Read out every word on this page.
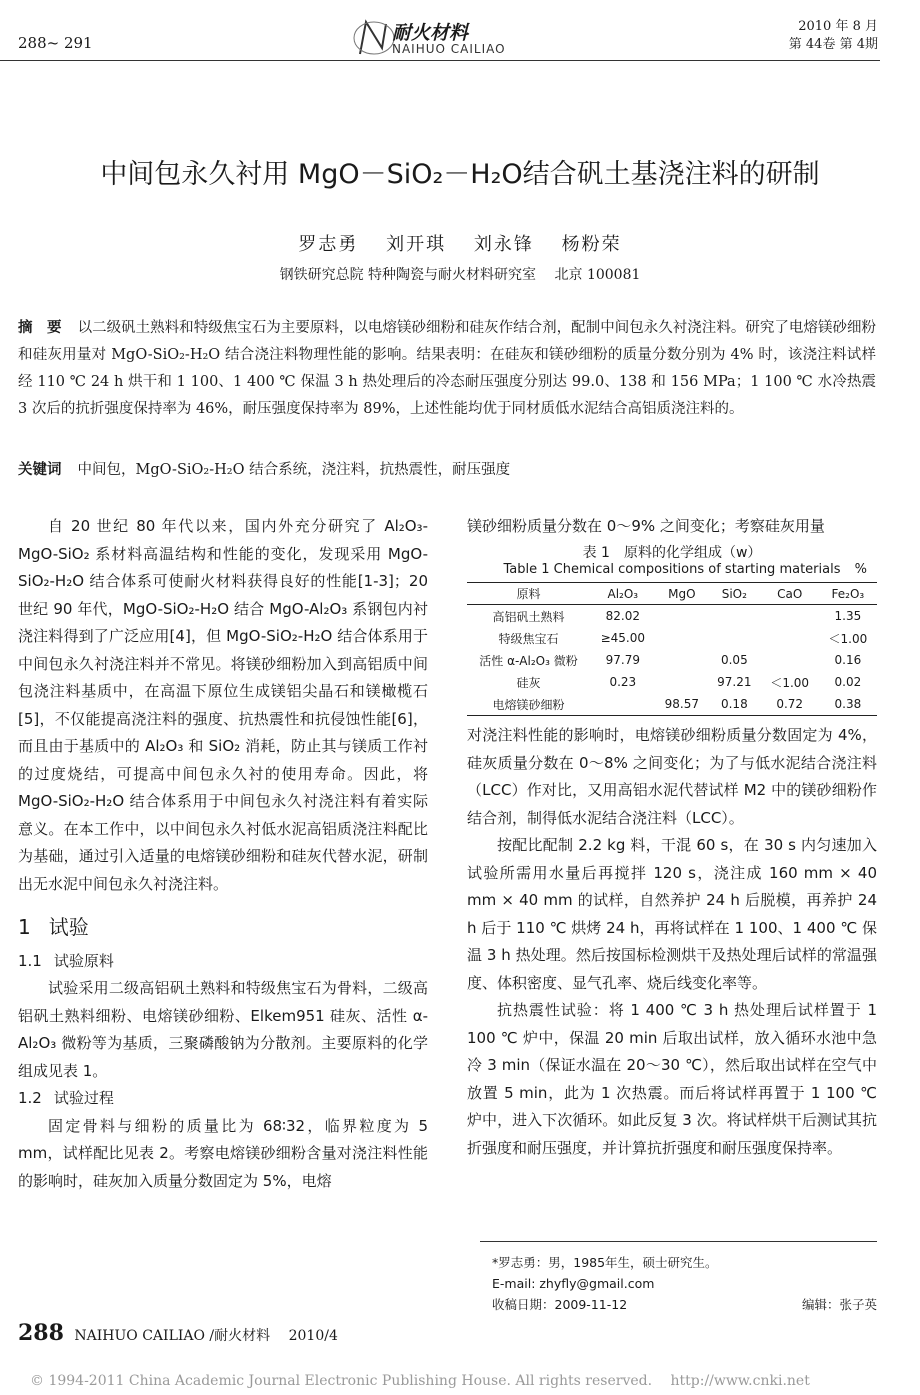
288~ 291	耐火材料
NAIHUO CAILIAO
2010 年 8 月
第 44卷 第 4期
中间包永久衬用 MgO－SiO₂－H₂O结合矾土基浇注料的研制
罗志勇　 刘开琪　 刘永锋　 杨粉荣
钢铁研究总院 特种陶瓷与耐火材料研究室　 北京 100081
摘　要 以二级矾土熟料和特级焦宝石为主要原料，以电熔镁砂细粉和硅灰作结合剂，配制中间包永久衬浇注料。研究了电熔镁砂细粉和硅灰用量对 MgO-SiO₂-H₂O 结合浇注料物理性能的影响。结果表明：在硅灰和镁砂细粉的质量分数分别为 4% 时，该浇注料试样经 110 ℃ 24 h 烘干和 1 100、1 400 ℃ 保温 3 h 热处理后的冷态耐压强度分别达 99.0、138 和 156 MPa；1 100 ℃ 水冷热震 3 次后的抗折强度保持率为 46%，耐压强度保持率为 89%，上述性能均优于同材质低水泥结合高铝质浇注料的。
关键词 中间包，MgO-SiO₂-H₂O 结合系统，浇注料，抗热震性，耐压强度

自 20 世纪 80 年代以来，国内外充分研究了 Al₂O₃-MgO-SiO₂ 系材料高温结构和性能的变化，发现采用 MgO-SiO₂-H₂O 结合体系可使耐火材料获得良好的性能[1-3]；20 世纪 90 年代，MgO-SiO₂-H₂O 结合 MgO-Al₂O₃ 系钢包内衬浇注料得到了广泛应用[4]，但 MgO-SiO₂-H₂O 结合体系用于中间包永久衬浇注料并不常见。将镁砂细粉加入到高铝质中间包浇注料基质中，在高温下原位生成镁铝尖晶石和镁橄榄石[5]，不仅能提高浇注料的强度、抗热震性和抗侵蚀性能[6]，而且由于基质中的 Al₂O₃ 和 SiO₂ 消耗，防止其与镁质工作衬的过度烧结，可提高中间包永久衬的使用寿命。因此，将 MgO-SiO₂-H₂O 结合体系用于中间包永久衬浇注料有着实际意义。在本工作中，以中间包永久衬低水泥高铝质浇注料配比为基础，通过引入适量的电熔镁砂细粉和硅灰代替水泥，研制出无水泥中间包永久衬浇注料。

1 试验

1.1 试验原料

试验采用二级高铝矾土熟料和特级焦宝石为骨料，二级高铝矾土熟料细粉、电熔镁砂细粉、Elkem951 硅灰、活性 α-Al₂O₃ 微粉等为基质，三聚磷酸钠为分散剂。主要原料的化学组成见表 1。

1.2 试验过程

固定骨料与细粉的质量比为 68∶32，临界粒度为 5 mm，试样配比见表 2。考察电熔镁砂细粉含量对浇注料性能的影响时，硅灰加入质量分数固定为 5%，电熔

镁砂细粉质量分数在 0～9% 之间变化；考察硅灰用量
表 1　原料的化学组成（w）
Table 1 Chemical compositions of starting materials %
原料	Al₂O₃	MgO	SiO₂	CaO	Fe₂O₃
高铝矾土熟料	82.02				1.35
特级焦宝石	≥45.00				＜1.00
活性 α-Al₂O₃ 微粉	97.79		0.05		0.16
硅灰	0.23		97.21	＜1.00	0.02
电熔镁砂细粉		98.57	0.18	0.72	0.38

对浇注料性能的影响时，电熔镁砂细粉质量分数固定为 4%，硅灰质量分数在 0～8% 之间变化；为了与低水泥结合浇注料（LCC）作对比，又用高铝水泥代替试样 M2 中的镁砂细粉作结合剂，制得低水泥结合浇注料（LCC）。

按配比配制 2.2 kg 料，干混 60 s，在 30 s 内匀速加入试验所需用水量后再搅拌 120 s，浇注成 160 mm × 40 mm × 40 mm 的试样，自然养护 24 h 后脱模，再养护 24 h 后于 110 ℃ 烘烤 24 h，再将试样在 1 100、1 400 ℃ 保温 3 h 热处理。然后按国标检测烘干及热处理后试样的常温强度、体积密度、显气孔率、烧后线变化率等。

抗热震性试验：将 1 400 ℃ 3 h 热处理后试样置于 1 100 ℃ 炉中，保温 20 min 后取出试样，放入循环水池中急冷 3 min（保证水温在 20～30 ℃），然后取出试样在空气中放置 5 min，此为 1 次热震。而后将试样再置于 1 100 ℃ 炉中，进入下次循环。如此反复 3 次。将试样烘干后测试其抗折强度和耐压强度，并计算抗折强度和耐压强度保持率。

*罗志勇：男，1985年生，硕士研究生。
E-mail: zhyfly@gmail.com
收稿日期：2009-11-12	编辑：张子英
288 NAIHUO CAILIAO /耐火材料　 2010/4
© 1994-2011 China Academic Journal Electronic Publishing House. All rights reserved.　 http://www.cnki.net
